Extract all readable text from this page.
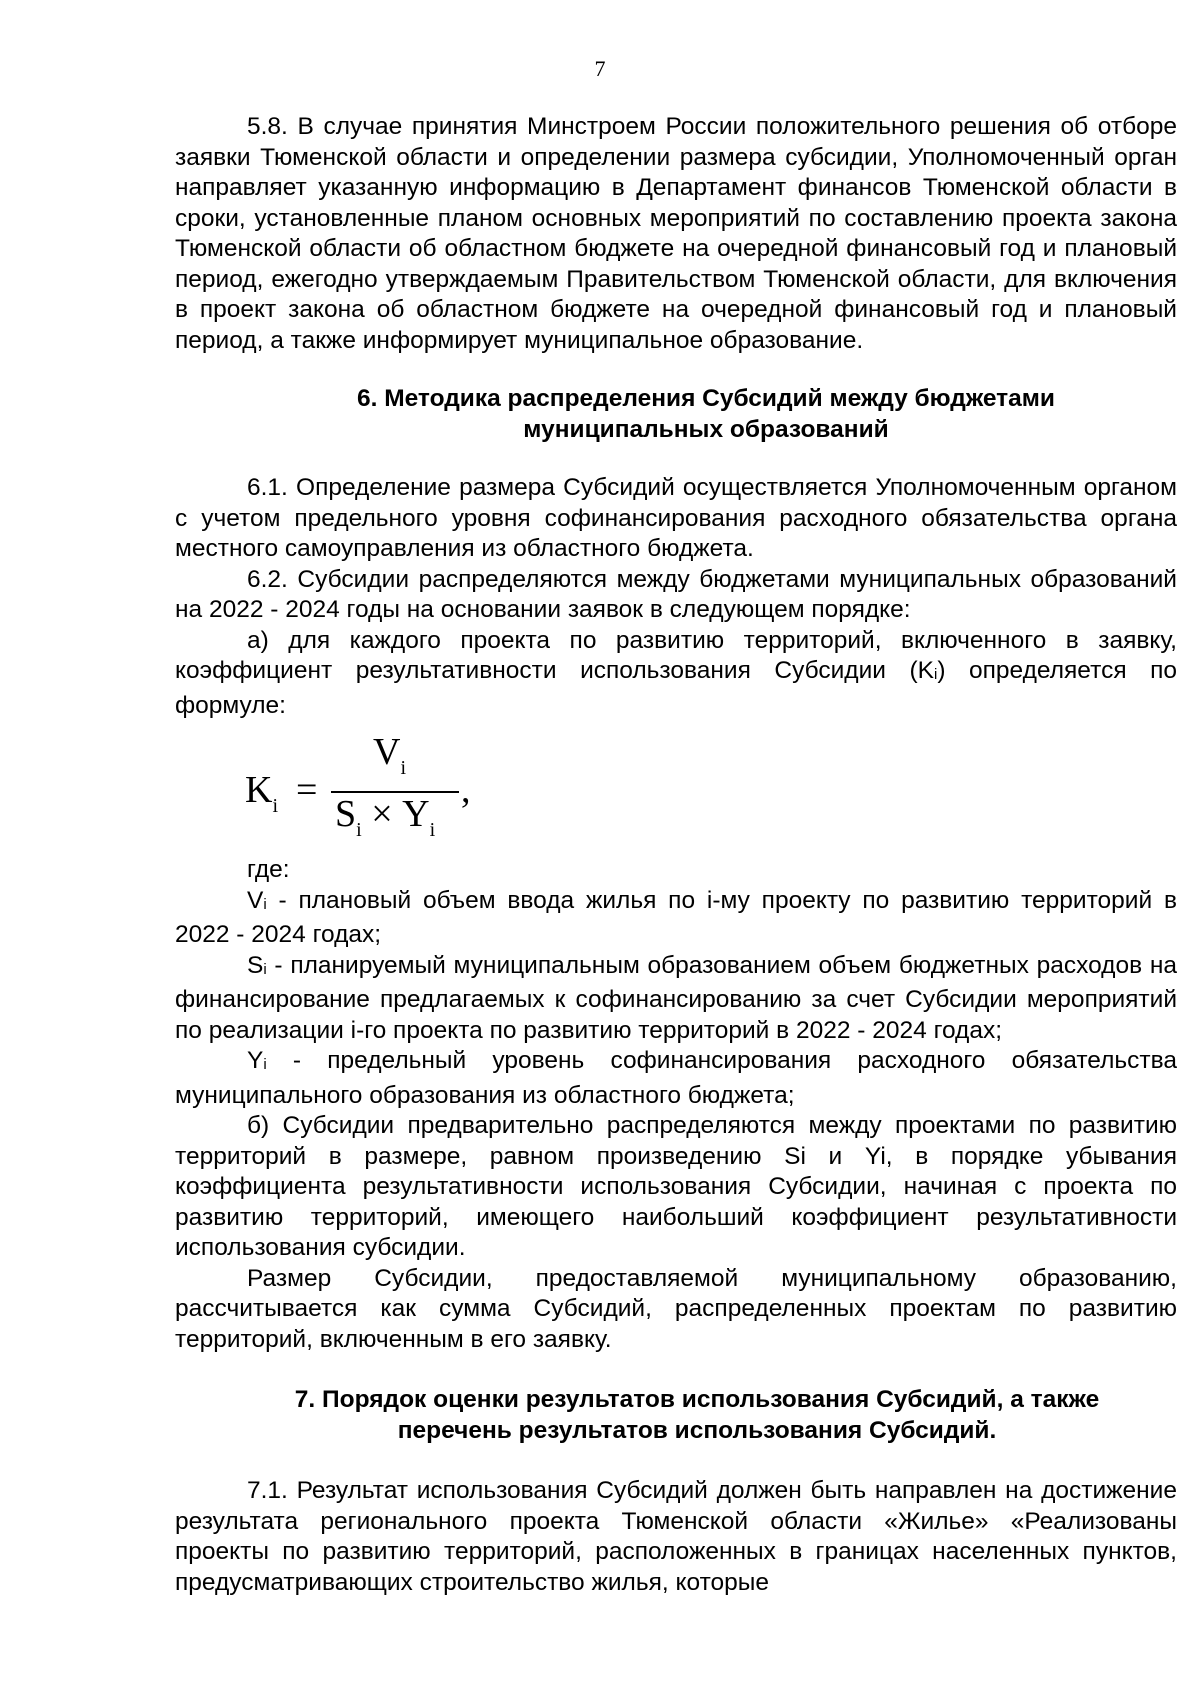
7

5.8. В случае принятия Минстроем России положительного решения об отборе заявки Тюменской области и определении размера субсидии, Уполномоченный орган направляет указанную информацию в Департамент финансов Тюменской области в сроки, установленные планом основных мероприятий по составлению проекта закона Тюменской области об областном бюджете на очередной финансовый год и плановый период, ежегодно утверждаемым Правительством Тюменской области, для включения в проект закона об областном бюджете на очередной финансовый год и плановый период, а также информирует муниципальное образование.

6. Методика распределения Субсидий между бюджетами
муниципальных образований

6.1. Определение размера Субсидий осуществляется Уполномоченным органом с учетом предельного уровня софинансирования расходного обязательства органа местного самоуправления из областного бюджета.

6.2. Субсидии распределяются между бюджетами муниципальных образований на 2022 - 2024 годы на основании заявок в следующем порядке:

а) для каждого проекта по развитию территорий, включенного в заявку, коэффициент результативности использования Субсидии (Ki) определяется по формуле:

$K_i$ =
$V_i$
$S_i \times Y_i$
,

где:

Vi - плановый объем ввода жилья по i-му проекту по развитию территорий в 2022 - 2024 годах;

Si - планируемый муниципальным образованием объем бюджетных расходов на финансирование предлагаемых к софинансированию за счет Субсидии мероприятий по реализации i-го проекта по развитию территорий в 2022 - 2024 годах;

Yi - предельный уровень софинансирования расходного обязательства муниципального образования из областного бюджета;

б) Субсидии предварительно распределяются между проектами по развитию территорий в размере, равном произведению Si и Yi, в порядке убывания коэффициента результативности использования Субсидии, начиная с проекта по развитию территорий, имеющего наибольший коэффициент результативности использования субсидии.

Размер Субсидии, предоставляемой муниципальному образованию, рассчитывается как сумма Субсидий, распределенных проектам по развитию территорий, включенным в его заявку.

7. Порядок оценки результатов использования Субсидий, а также
перечень результатов использования Субсидий.

7.1. Результат использования Субсидий должен быть направлен на достижение результата регионального проекта Тюменской области «Жилье» «Реализованы проекты по развитию территорий, расположенных в границах населенных пунктов, предусматривающих строительство жилья, которые
